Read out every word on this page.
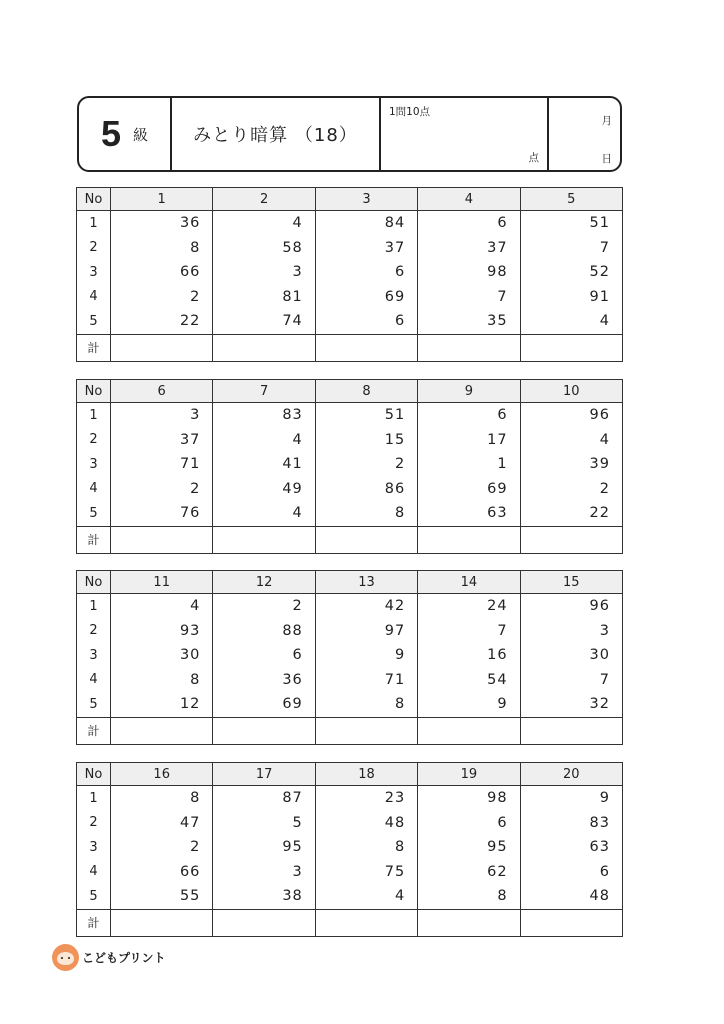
5 級	みとり暗算 （18）
1問10点
点
月
日
No	1	2	3	4	5
1	36	4	84	6	51
2	8	58	37	37	7
3	66	3	6	98	52
4	2	81	69	7	91
5	22	74	6	35	4
計					
No	6	7	8	9	10
1	3	83	51	6	96
2	37	4	15	17	4
3	71	41	2	1	39
4	2	49	86	69	2
5	76	4	8	63	22
計					
No	11	12	13	14	15
1	4	2	42	24	96
2	93	88	97	7	3
3	30	6	9	16	30
4	8	36	71	54	7
5	12	69	8	9	32
計					
No	16	17	18	19	20
1	8	87	23	98	9
2	47	5	48	6	83
3	2	95	8	95	63
4	66	3	75	62	6
5	55	38	4	8	48
計					
こどもプリント
